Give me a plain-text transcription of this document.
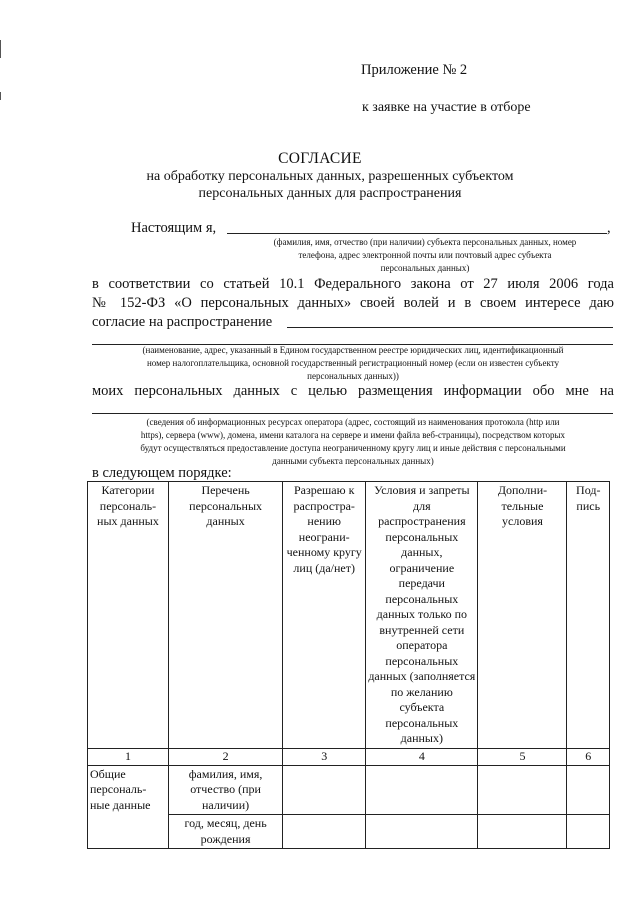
Приложение № 2
к заявке на участие в отборе
СОГЛАСИЕ
на обработку персональных данных, разрешенных субъектом
персональных данных для распространения
Настоящим я,	,
(фамилия, имя, отчество (при наличии) субъекта персональных данных, номер
телефона, адрес электронной почты или почтовый адрес субъекта
персональных данных)
в соответствии со статьей 10.1 Федерального закона от 27 июля 2006 года
№ 152-ФЗ «О персональных данных» своей волей и в своем интересе даю
согласие на распространение
(наименование, адрес, указанный в Едином государственном реестре юридических лиц, идентификационный
номер налогоплательщика, основной государственный регистрационный номер (если он известен субъекту
персональных данных))
моих персональных данных с целью размещения информации обо мне на
(сведения об информационных ресурсах оператора (адрес, состоящий из наименования протокола (http или
https), сервера (www), домена, имени каталога на сервере и имени файла веб-страницы), посредством которых
будут осуществляться предоставление доступа неограниченному кругу лиц и иные действия с персональными
данными субъекта персональных данных)
в следующем порядке:
Категории персональ-ных данных	Перечень персональных данных	Разрешаю к распростра-нению неограни-ченному кругу лиц (да/нет)	Условия и запреты для распространения персональных данных, ограничение передачи персональных данных только по внутренней сети оператора персональных данных (заполняется по желанию субъекта персональных данных)	Дополни-тельные условия	Под-пись
1	2	3	4	5	6
Общие персональ-ные данные	фамилия, имя, отчество (при наличии)				
	год, месяц, день рождения				
